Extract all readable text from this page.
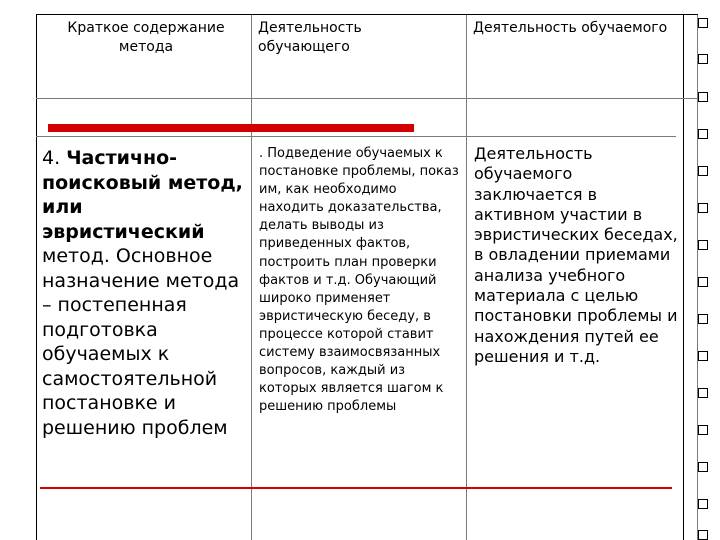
Краткое содержание метода
Деятельность обучающего
Деятельность обучаемого
4. Частично-поисковый метод, или эвристический метод. Основное назначение метода – постепенная подготовка обучаемых к самостоятельной постановке и решению проблем
. Подведение обучаемых к постановке проблемы, показ им, как необходимо находить доказательства, делать выводы из приведенных фактов, построить план проверки фактов и т.д. Обучающий широко применяет эвристическую беседу, в процессе которой ставит систему взаимосвязанных вопросов, каждый из которых является шагом к решению проблемы
Деятельность обучаемого заключается в активном участии в эвристических беседах, в овладении приемами анализа учебного материала с целью постановки проблемы и нахождения путей ее решения и т.д.
